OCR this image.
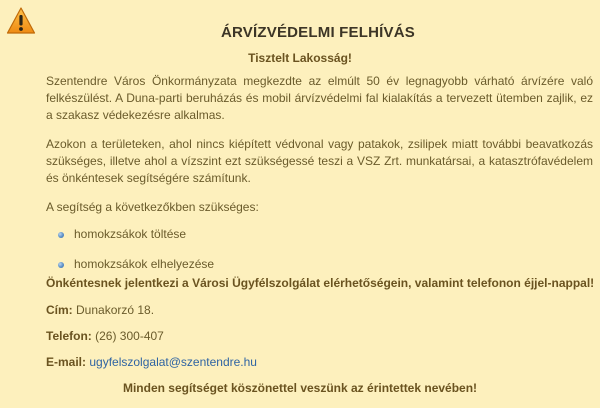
ÁRVÍZVÉDELMI FELHÍVÁS
Tisztelt Lakosság!

Szentendre Város Önkormányzata megkezdte az elmúlt 50 év legnagyobb várható árvízére való felkészülést. A Duna-parti beruházás és mobil árvízvédelmi fal kialakítás a tervezett ütemben zajlik, ez a szakasz védekezésre alkalmas.

Azokon a területeken, ahol nincs kiépített védvonal vagy patakok, zsilipek miatt további beavatkozás szükséges, illetve ahol a vízszint ezt szükségessé teszi a VSZ Zrt. munkatársai, a katasztrófavédelem és önkéntesek segítségére számítunk.

A segítség a következőkben szükséges:

homokzsákok töltése
homokzsákok elhelyezése
Önkéntesnek jelentkezi a Városi Ügyfélszolgálat elérhetőségein, valamint telefonon éjjel-nappal!
Cím: Dunakorzó 18.
Telefon: (26) 300-407
E-mail: ugyfelszolgalat@szentendre.hu
Minden segítséget köszönettel veszünk az érintettek nevében!
